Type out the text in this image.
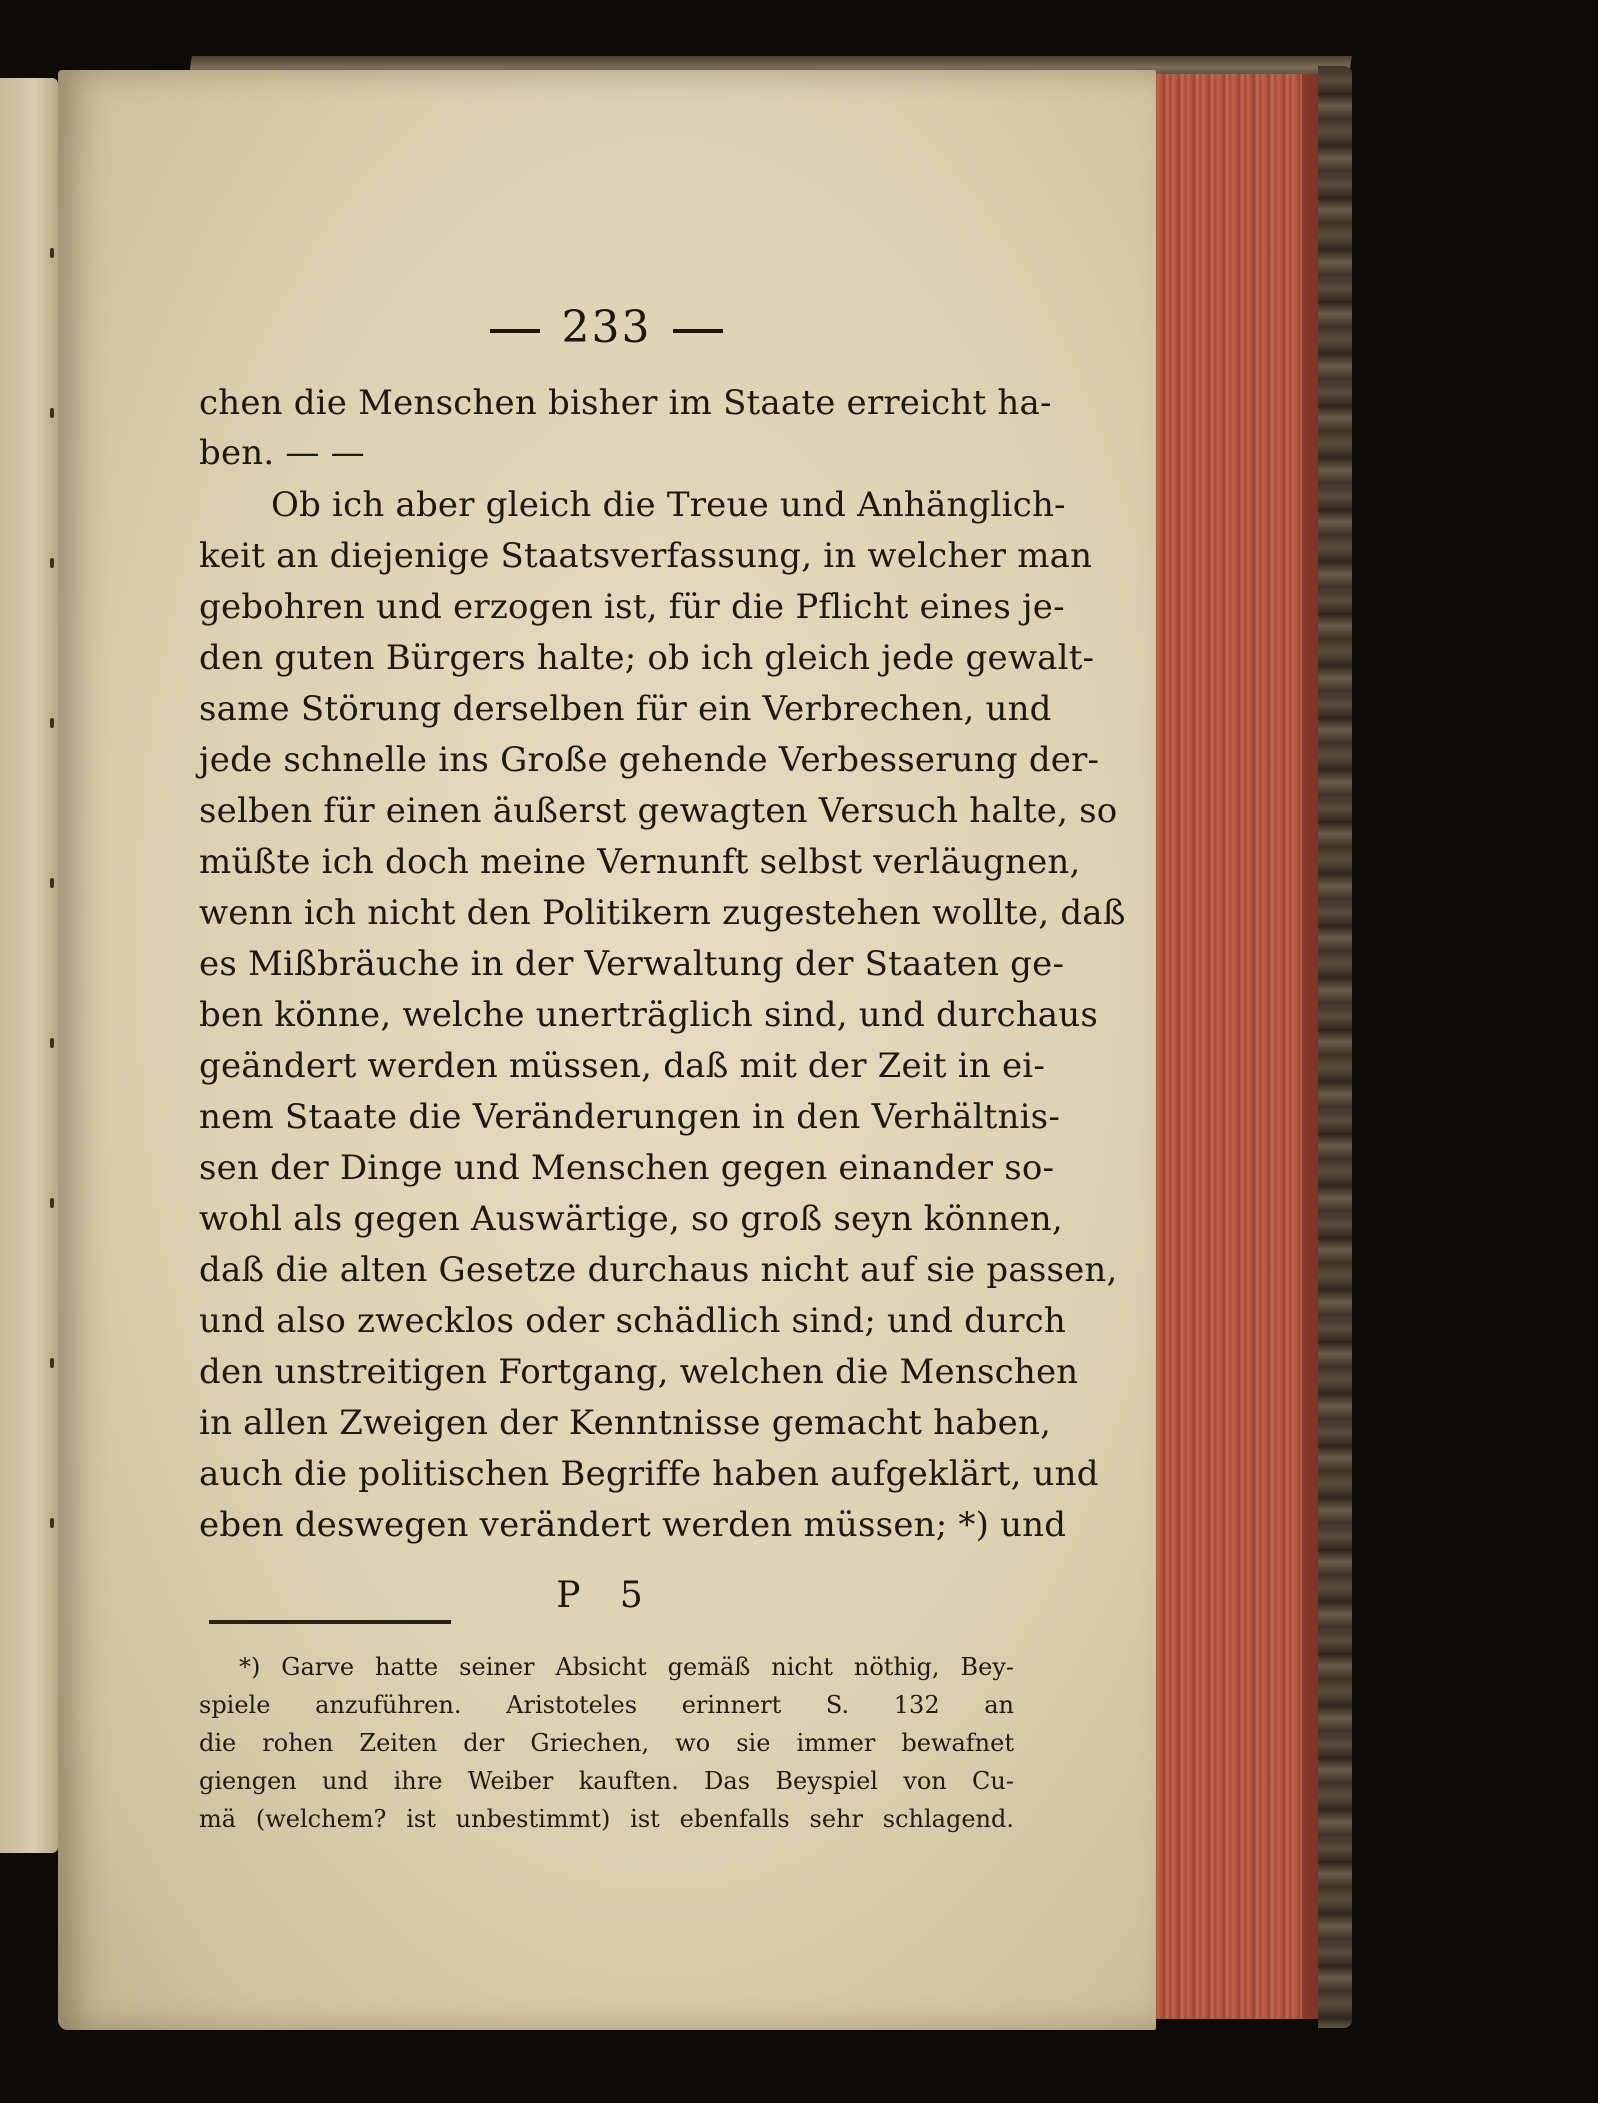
233
chen die Menschen bisher im Staate erreicht ha-
ben. — —
Ob ich aber gleich die Treue und Anhänglich-
keit an diejenige Staatsverfassung, in welcher man
gebohren und erzogen ist, für die Pflicht eines je-
den guten Bürgers halte; ob ich gleich jede gewalt-
same Störung derselben für ein Verbrechen, und
jede schnelle ins Große gehende Verbesserung der-
selben für einen äußerst gewagten Versuch halte, so
müßte ich doch meine Vernunft selbst verläugnen,
wenn ich nicht den Politikern zugestehen wollte, daß
es Mißbräuche in der Verwaltung der Staaten ge-
ben könne, welche unerträglich sind, und durchaus
geändert werden müssen, daß mit der Zeit in ei-
nem Staate die Veränderungen in den Verhältnis-
sen der Dinge und Menschen gegen einander so-
wohl als gegen Auswärtige, so groß seyn können,
daß die alten Gesetze durchaus nicht auf sie passen,
und also zwecklos oder schädlich sind; und durch
den unstreitigen Fortgang, welchen die Menschen
in allen Zweigen der Kenntnisse gemacht haben,
auch die politischen Begriffe haben aufgeklärt, und
eben deswegen verändert werden müssen; *) und
P 5
*) Garve hatte seiner Absicht gemäß nicht nöthig, Bey-
spiele anzuführen. Aristoteles erinnert S. 132 an
die rohen Zeiten der Griechen, wo sie immer bewafnet
giengen und ihre Weiber kauften. Das Beyspiel von Cu-
mä (welchem? ist unbestimmt) ist ebenfalls sehr schlagend.
